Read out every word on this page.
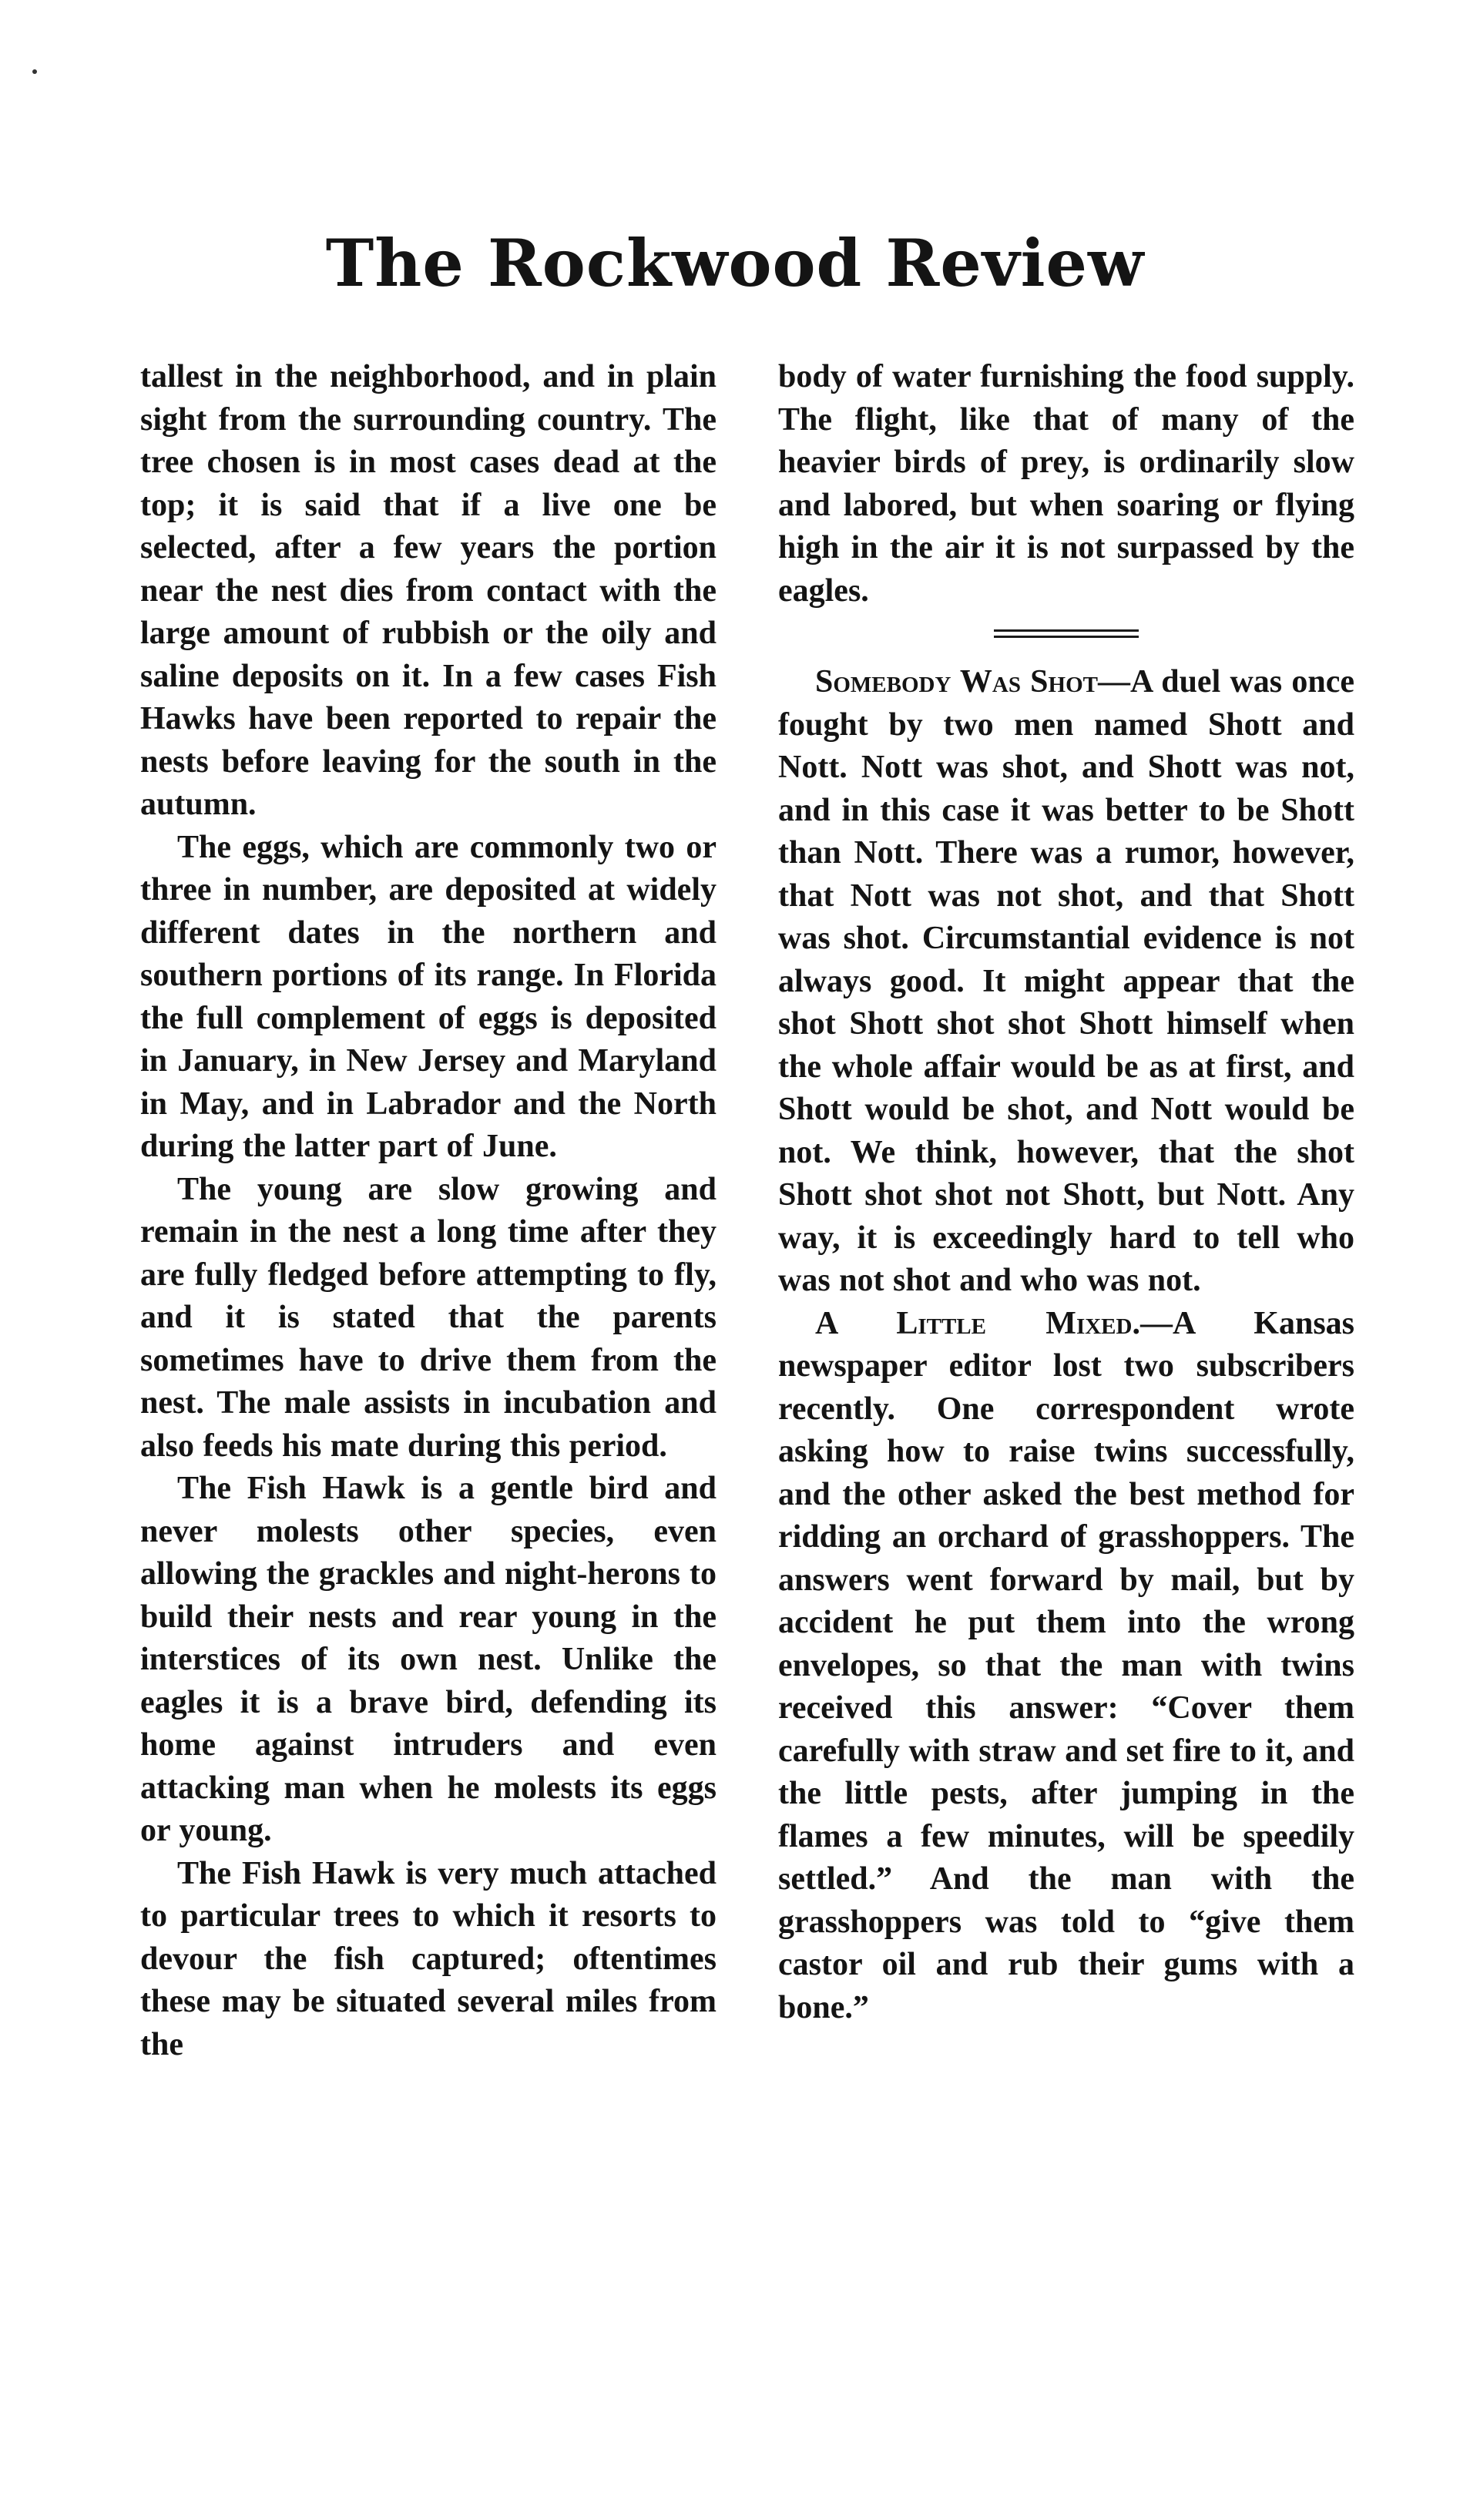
The Rockwood Review

tallest in the neighborhood, and in plain sight from the surrounding country. The tree chosen is in most cases dead at the top; it is said that if a live one be selected, after a few years the portion near the nest dies from contact with the large amount of rubbish or the oily and saline deposits on it. In a few cases Fish Hawks have been reported to repair the nests before leaving for the south in the autumn.

The eggs, which are commonly two or three in number, are deposited at widely different dates in the northern and southern portions of its range. In Florida the full complement of eggs is deposited in January, in New Jersey and Maryland in May, and in Labrador and the North during the latter part of June.

The young are slow growing and remain in the nest a long time after they are fully fledged before attempting to fly, and it is stated that the parents sometimes have to drive them from the nest. The male assists in incubation and also feeds his mate during this period.

The Fish Hawk is a gentle bird and never molests other species, even allowing the grackles and night-herons to build their nests and rear young in the interstices of its own nest. Unlike the eagles it is a brave bird, defending its home against intruders and even attacking man when he molests its eggs or young.

The Fish Hawk is very much attached to particular trees to which it resorts to devour the fish captured; oftentimes these may be situated several miles from the

body of water furnishing the food supply. The flight, like that of many of the heavier birds of prey, is ordinarily slow and labored, but when soaring or flying high in the air it is not surpassed by the eagles.

Somebody Was Shot—A duel was once fought by two men named Shott and Nott. Nott was shot, and Shott was not, and in this case it was better to be Shott than Nott. There was a rumor, however, that Nott was not shot, and that Shott was shot. Circumstantial evidence is not always good. It might appear that the shot Shott shot shot Shott himself when the whole affair would be as at first, and Shott would be shot, and Nott would be not. We think, however, that the shot Shott shot shot not Shott, but Nott. Any way, it is exceedingly hard to tell who was not shot and who was not.

A Little Mixed.—A Kansas newspaper editor lost two subscribers recently. One correspondent wrote asking how to raise twins successfully, and the other asked the best method for ridding an orchard of grasshoppers. The answers went forward by mail, but by accident he put them into the wrong envelopes, so that the man with twins received this answer: “Cover them carefully with straw and set fire to it, and the little pests, after jumping in the flames a few minutes, will be speedily settled.” And the man with the grasshoppers was told to “give them castor oil and rub their gums with a bone.”
